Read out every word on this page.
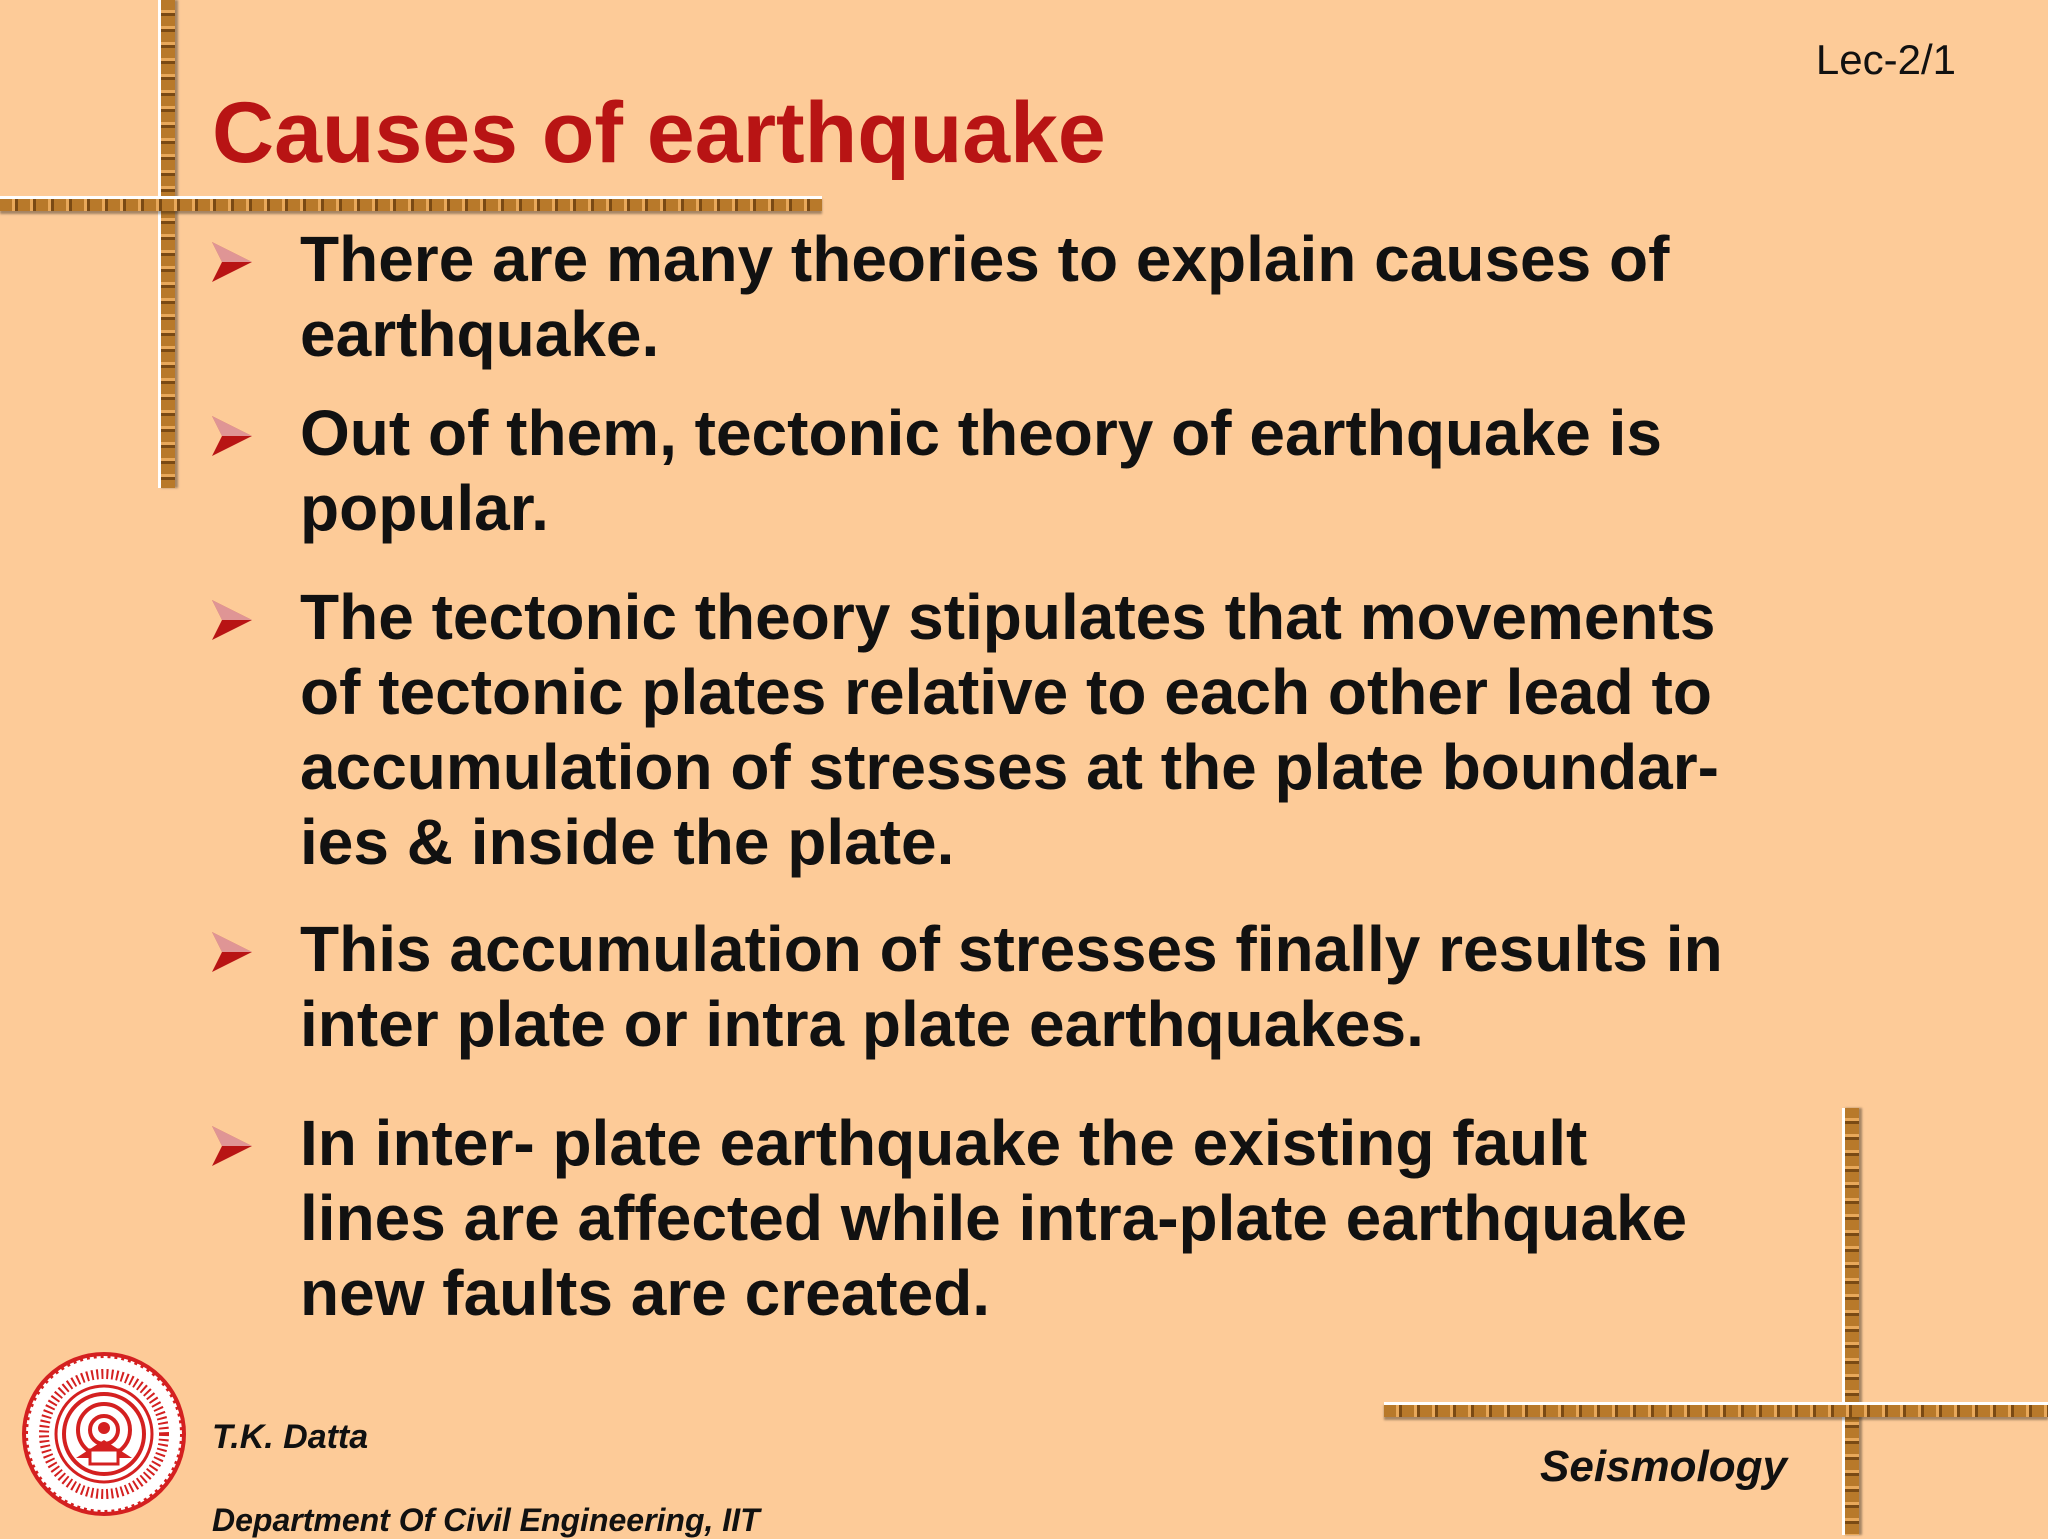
Lec-2/1
Causes of earthquake
There are many theories to explain causes of
earthquake.
Out of them, tectonic theory of earthquake is
popular.
The tectonic theory stipulates that movements
of tectonic plates relative to each other lead to
accumulation of stresses at the plate boundar-
ies & inside the plate.
This accumulation of stresses finally results in
inter plate or intra plate earthquakes.
In inter- plate earthquake the existing fault
lines are affected while intra-plate earthquake
new faults are created.
T.K. Datta
Department Of Civil Engineering, IIT
Seismology
